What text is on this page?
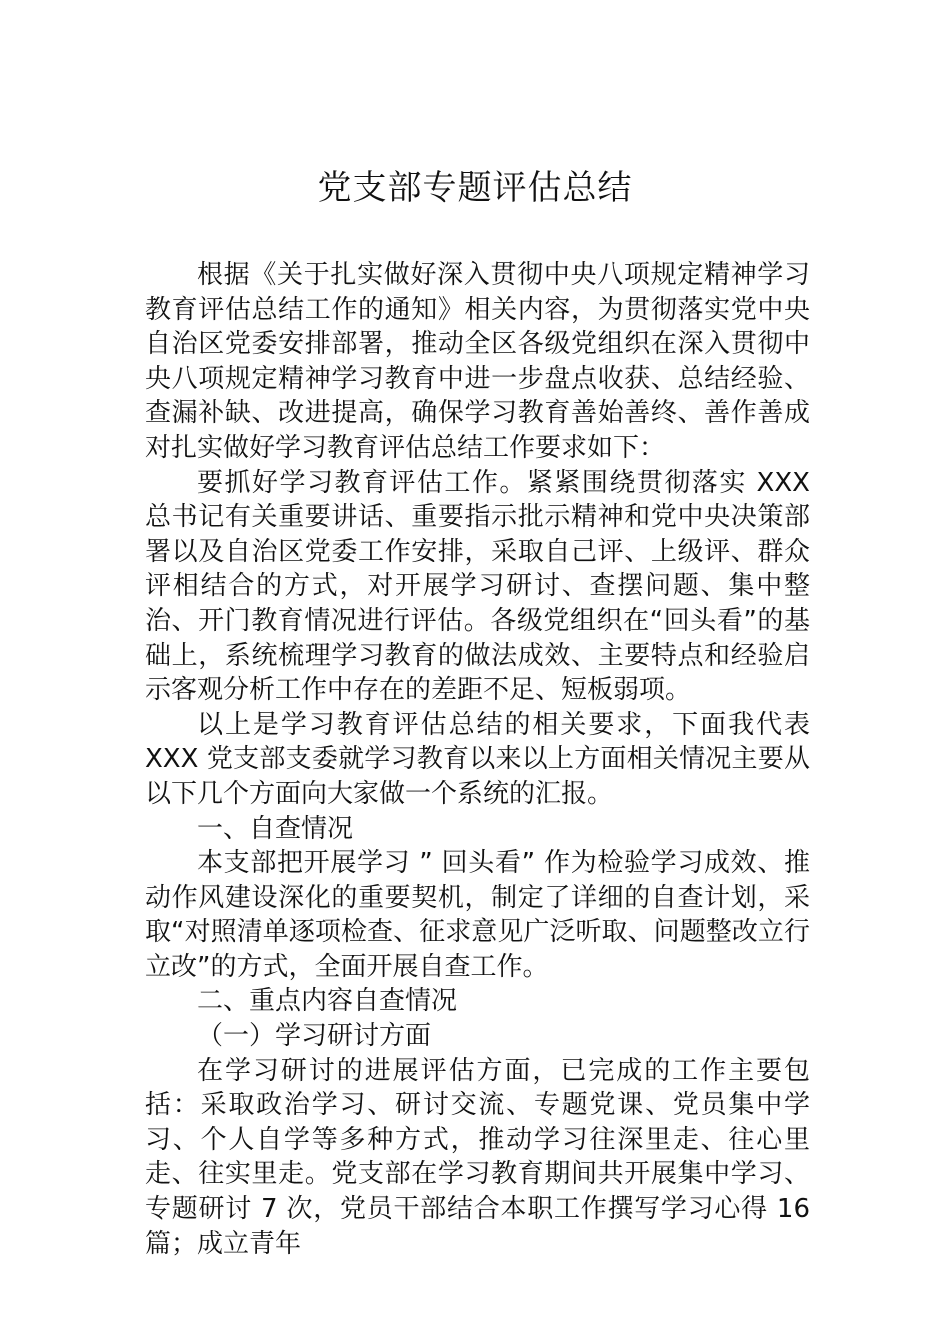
党支部专题评估总结

根据《关于扎实做好深入贯彻中央八项规定精神学习教育评估总结工作的通知》相关内容，为贯彻落实党中央自治区党委安排部署，推动全区各级党组织在深入贯彻中央八项规定精神学习教育中进一步盘点收获、总结经验、查漏补缺、改进提高，确保学习教育善始善终、善作善成对扎实做好学习教育评估总结工作要求如下：

要抓好学习教育评估工作。紧紧围绕贯彻落实 XXX 总书记有关重要讲话、重要指示批示精神和党中央决策部署以及自治区党委工作安排，采取自己评、上级评、群众评相结合的方式，对开展学习研讨、查摆问题、集中整治、开门教育情况进行评估。各级党组织在“回头看”的基础上，系统梳理学习教育的做法成效、主要特点和经验启示客观分析工作中存在的差距不足、短板弱项。

以上是学习教育评估总结的相关要求，下面我代表 XXX 党支部支委就学习教育以来以上方面相关情况主要从以下几个方面向大家做一个系统的汇报。

一、自查情况

本支部把开展学习 ” 回头看” 作为检验学习成效、推动作风建设深化的重要契机，制定了详细的自查计划，采取“对照清单逐项检查、征求意见广泛听取、问题整改立行立改”的方式，全面开展自查工作。

二、重点内容自查情况

（一）学习研讨方面

在学习研讨的进展评估方面，已完成的工作主要包括：采取政治学习、研讨交流、专题党课、党员集中学习、个人自学等多种方式，推动学习往深里走、往心里走、往实里走。党支部在学习教育期间共开展集中学习、专题研讨 7 次，党员干部结合本职工作撰写学习心得 16 篇；成立青年
